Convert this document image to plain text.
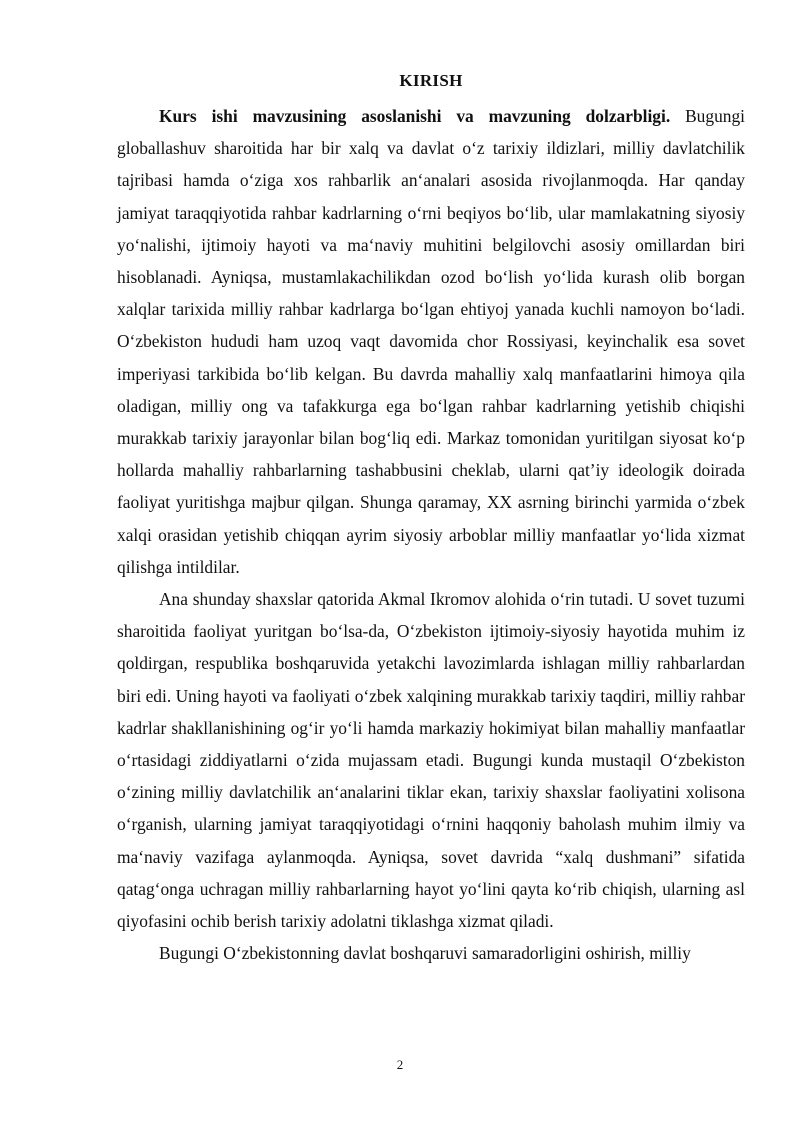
KIRISH

Kurs ishi mavzusining asoslanishi va mavzuning dolzarbligi. Bugungi globallashuv sharoitida har bir xalq va davlat o‘z tarixiy ildizlari, milliy davlatchilik tajribasi hamda o‘ziga xos rahbarlik an‘analari asosida rivojlanmoqda. Har qanday jamiyat taraqqiyotida rahbar kadrlarning o‘rni beqiyos bo‘lib, ular mamlakatning siyosiy yo‘nalishi, ijtimoiy hayoti va ma‘naviy muhitini belgilovchi asosiy omillardan biri hisoblanadi. Ayniqsa, mustamlakachilikdan ozod bo‘lish yo‘lida kurash olib borgan xalqlar tarixida milliy rahbar kadrlarga bo‘lgan ehtiyoj yanada kuchli namoyon bo‘ladi. O‘zbekiston hududi ham uzoq vaqt davomida chor Rossiyasi, keyinchalik esa sovet imperiyasi tarkibida bo‘lib kelgan. Bu davrda mahalliy xalq manfaatlarini himoya qila oladigan, milliy ong va tafakkurga ega bo‘lgan rahbar kadrlarning yetishib chiqishi murakkab tarixiy jarayonlar bilan bog‘liq edi. Markaz tomonidan yuritilgan siyosat ko‘p hollarda mahalliy rahbarlarning tashabbusini cheklab, ularni qat’iy ideologik doirada faoliyat yuritishga majbur qilgan. Shunga qaramay, XX asrning birinchi yarmida o‘zbek xalqi orasidan yetishib chiqqan ayrim siyosiy arboblar milliy manfaatlar yo‘lida xizmat qilishga intildilar.

Ana shunday shaxslar qatorida Akmal Ikromov alohida o‘rin tutadi. U sovet tuzumi sharoitida faoliyat yuritgan bo‘lsa-da, O‘zbekiston ijtimoiy-siyosiy hayotida muhim iz qoldirgan, respublika boshqaruvida yetakchi lavozimlarda ishlagan milliy rahbarlardan biri edi. Uning hayoti va faoliyati o‘zbek xalqining murakkab tarixiy taqdiri, milliy rahbar kadrlar shakllanishining og‘ir yo‘li hamda markaziy hokimiyat bilan mahalliy manfaatlar o‘rtasidagi ziddiyatlarni o‘zida mujassam etadi. Bugungi kunda mustaqil O‘zbekiston o‘zining milliy davlatchilik an‘analarini tiklar ekan, tarixiy shaxslar faoliyatini xolisona o‘rganish, ularning jamiyat taraqqiyotidagi o‘rnini haqqoniy baholash muhim ilmiy va ma‘naviy vazifaga aylanmoqda. Ayniqsa, sovet davrida “xalq dushmani” sifatida qatag‘onga uchragan milliy rahbarlarning hayot yo‘lini qayta ko‘rib chiqish, ularning asl qiyofasini ochib berish tarixiy adolatni tiklashga xizmat qiladi.

Bugungi O‘zbekistonning davlat boshqaruvi samaradorligini oshirish, milliy

2
